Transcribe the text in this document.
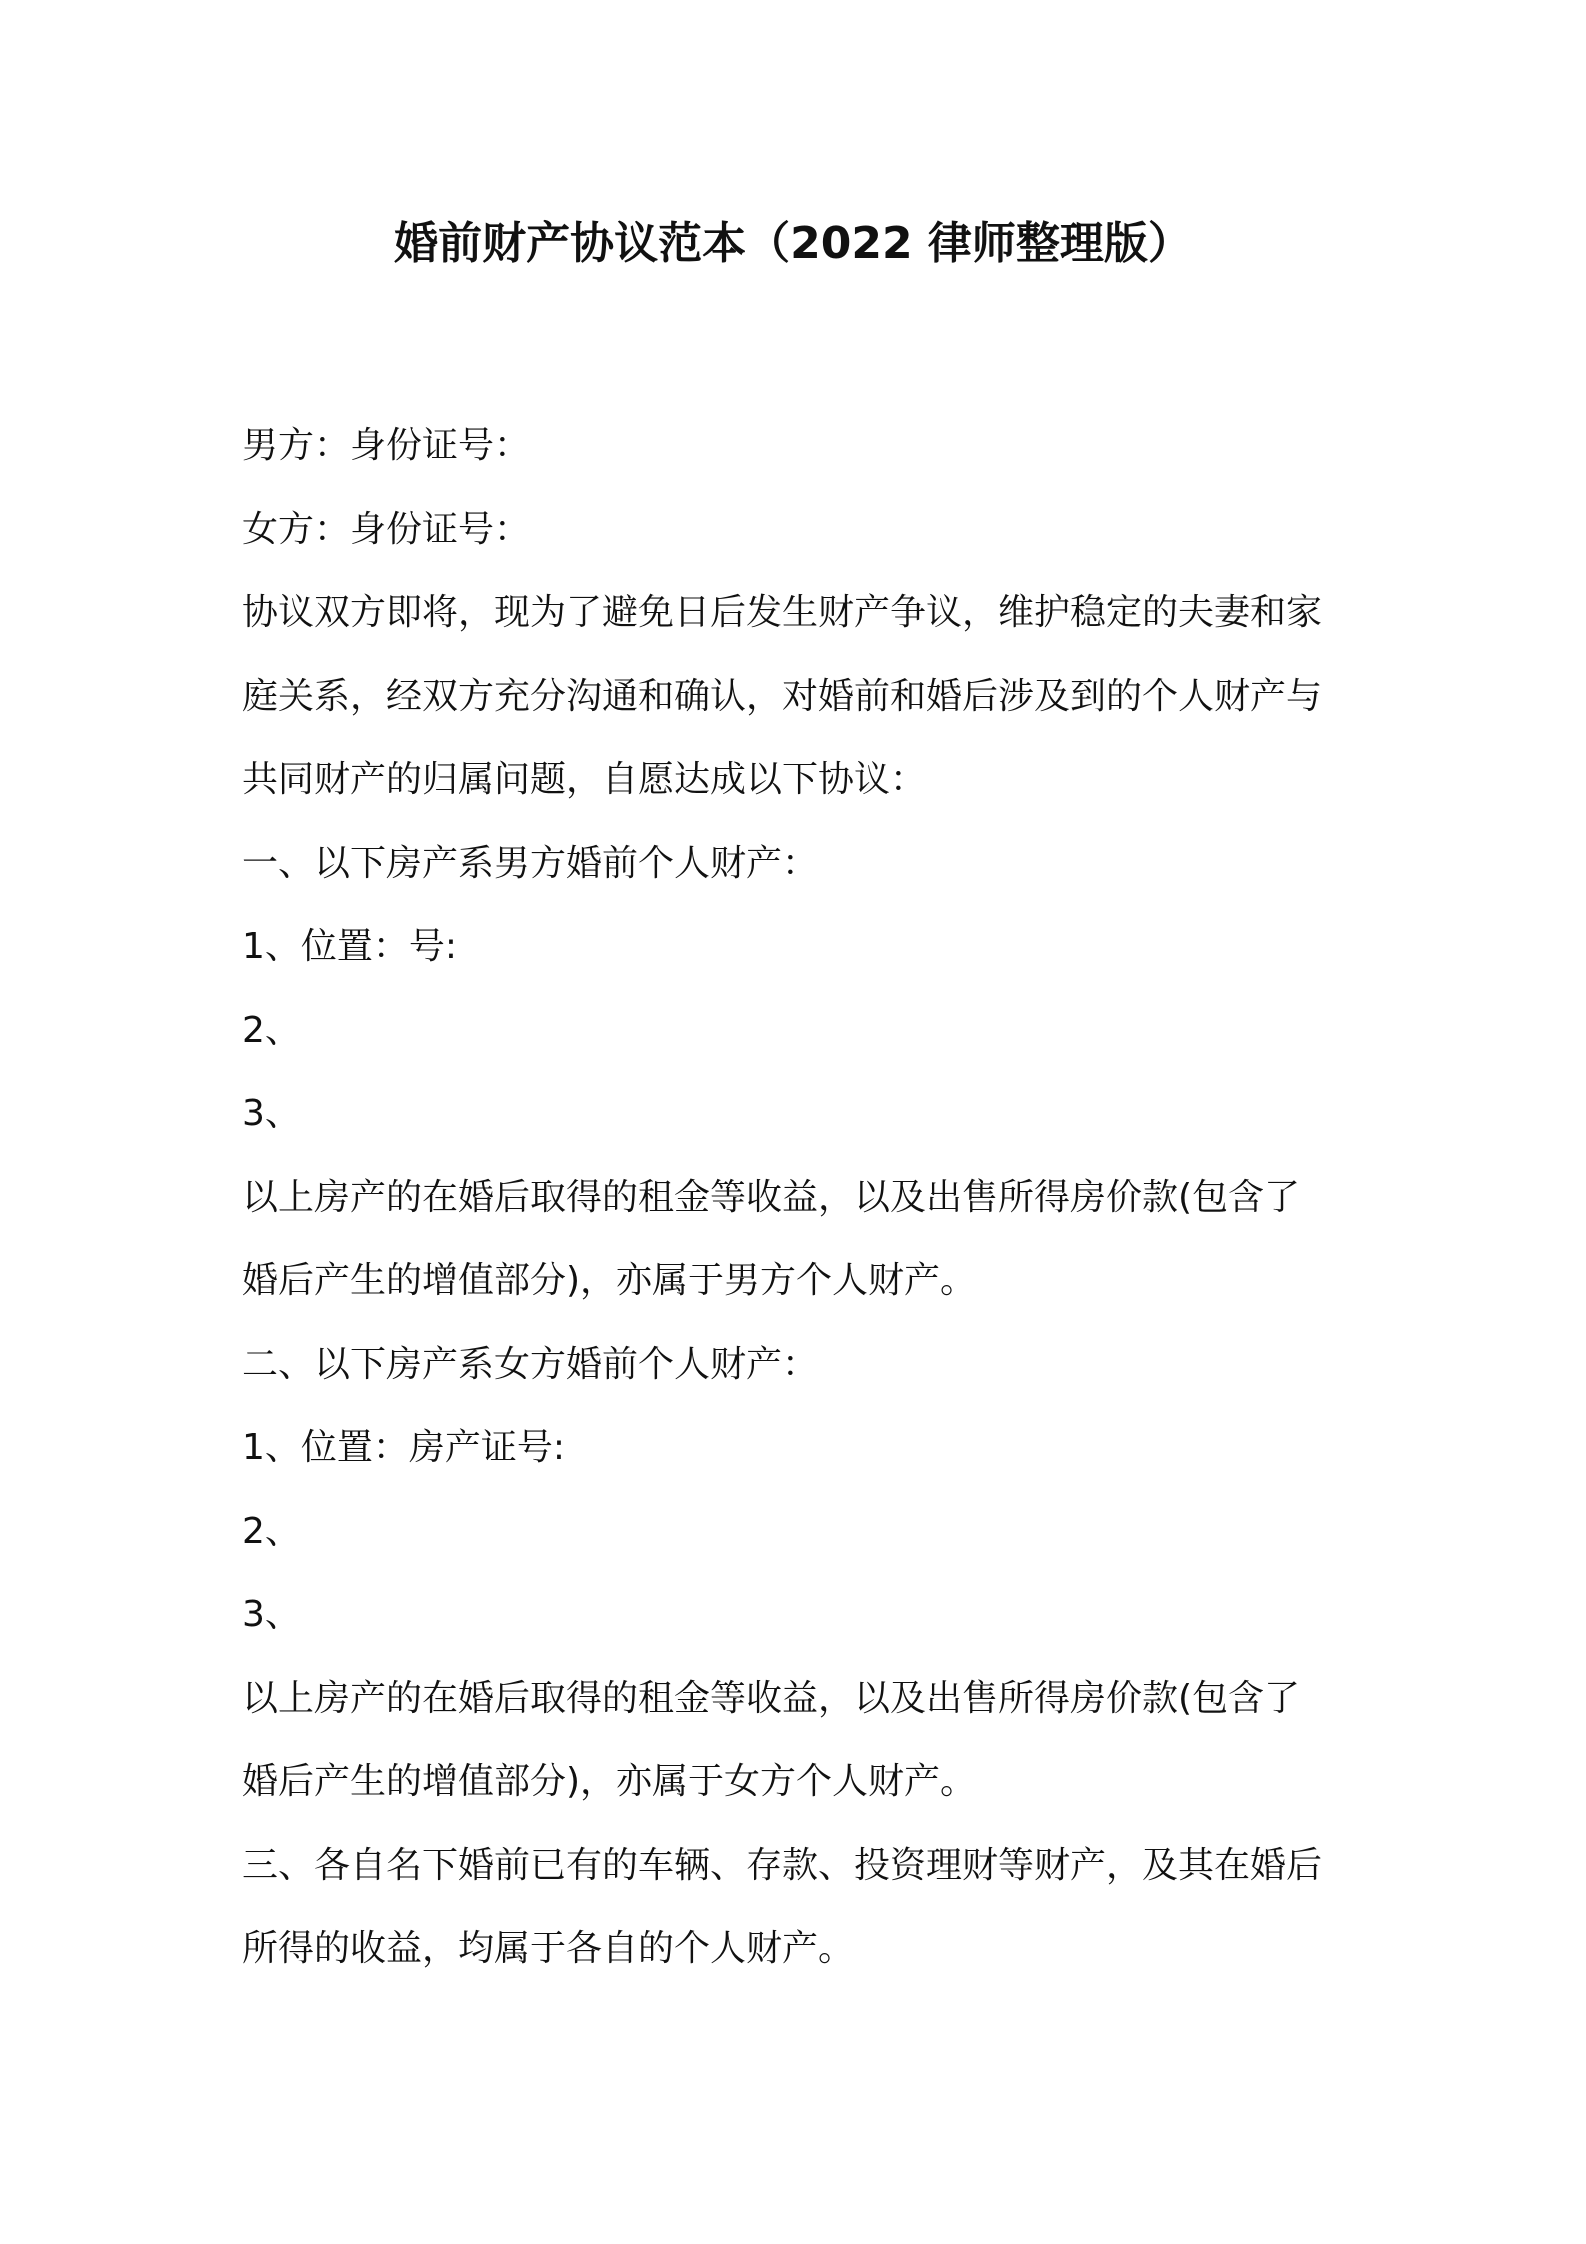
婚前财产协议范本（2022 律师整理版）

男方：身份证号：

女方：身份证号：

协议双方即将，现为了避免日后发生财产争议，维护稳定的夫妻和家

庭关系，经双方充分沟通和确认，对婚前和婚后涉及到的个人财产与

共同财产的归属问题，自愿达成以下协议：

一、以下房产系男方婚前个人财产：

1、位置：号:

2、

3、

以上房产的在婚后取得的租金等收益，以及出售所得房价款(包含了

婚后产生的增值部分)，亦属于男方个人财产。

二、以下房产系女方婚前个人财产：

1、位置：房产证号:

2、

3、

以上房产的在婚后取得的租金等收益，以及出售所得房价款(包含了

婚后产生的增值部分)，亦属于女方个人财产。

三、各自名下婚前已有的车辆、存款、投资理财等财产，及其在婚后

所得的收益，均属于各自的个人财产。
